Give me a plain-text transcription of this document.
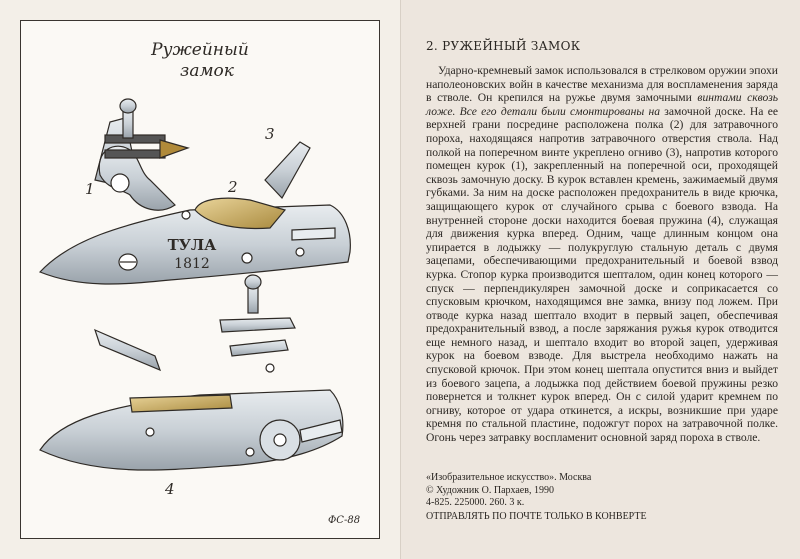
Ружейный
замок
ТУЛА
1812
1	2
3
4
ФС-88
2. РУЖЕЙНЫЙ ЗАМОК
Ударно-кремневый замок использовался в стрелковом оружии эпохи наполеоновских войн в качестве механизма для воспламенения заряда в стволе. Он крепился на ружье двумя замочными винтами сквозь ложе. Все его детали были смонтированы на замочной доске. На ее верхней грани посредине расположена полка (2) для затравочного пороха, находящаяся напротив затравочного отверстия ствола. Над полкой на поперечном винте укреплено огниво (3), напротив которого помещен курок (1), закрепленный на поперечной оси, проходящей сквозь замочную доску. В курок вставлен кремень, зажимаемый двумя губками. За ним на доске расположен предохранитель в виде крючка, защищающего курок от случайного срыва с боевого взвода. На внутренней стороне доски находится боевая пружина (4), служащая для движения курка вперед. Одним, чаще длинным концом она упирается в лодыжку — полукруглую стальную деталь с двумя зацепами, обеспечивающими предохранительный и боевой взвод курка. Стопор курка производится шепталом, один конец которого — спуск — перпендикулярен замочной доске и соприкасается со спусковым крючком, находящимся вне замка, внизу под ложем. При отводе курка назад шептало входит в первый зацеп, обеспечивая предохранительный взвод, а после заряжания ружья курок отводится еще немного назад, и шептало входит во второй зацеп, удерживая курок на боевом взводе. Для выстрела необходимо нажать на спусковой крючок. При этом конец шептала опустится вниз и выйдет из боевого зацепа, а лодыжка под действием боевой пружины резко повернется и толкнет курок вперед. Он с силой ударит кремнем по огниву, которое от удара откинется, а искры, возникшие при ударе кремня по стальной пластине, подожгут порох на затравочной полке. Огонь через затравку воспламенит основной заряд пороха в стволе.
«Изобразительное искусство». Москва
© Художник О. Пархаев, 1990
4-825. 225000. 260. 3 к.
ОТПРАВЛЯТЬ ПО ПОЧТЕ ТОЛЬКО В КОНВЕРТЕ
